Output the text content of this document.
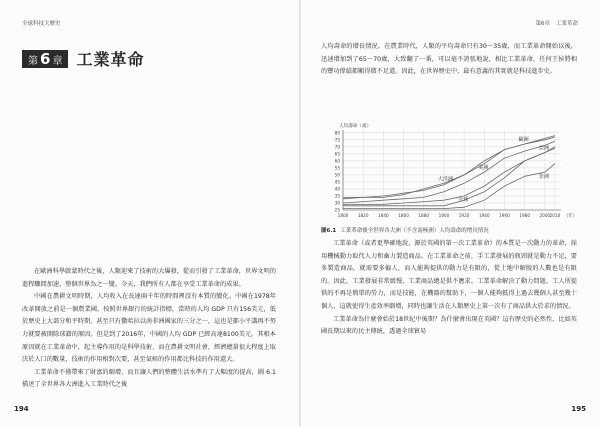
全球科技大歷史
第 6 章 工業革命

在歐洲科學啟蒙時代之後，人類迎來了技術的大爆發，從而引發了工業革命，世界文明的進程驟間加速，整個世界為之一變。今天，我們所有人都在享受工業革命的成果。

中國在農耕文明時期，人均收入在長達兩千年的時間裡沒有本質的變化。中國在1978年改革開放之前是一個農業國，按照世界銀行的統計指標，當時的人均 GDP 只有156美元，低於歷史上大部分和平時期，甚至只有撒哈拉以南非洲國家的三分之一，這也是鄧小平講再不努力就要被開除球籍的原因。但是到了2016年，中國的人均 GDP 已經高達8100美元。其根本原因就在工業革命中，起主導作用的是科學技術，而在農耕文明社會，經濟總量很大程度上取決於人口的數量，技術的作用相對次要，甚至氣候的作用都比科技的作用還大。

工業革命不僅帶來了財富的劇增，而且讓人們的整體生活水準有了大幅度的提高，圖 6.1 描述了全世界各大洲進入工業時代之後

194
第6章 工業革命

人均壽命的增長情況。在農業時代，人類的平均壽命只有30～35歲，而工業革命開始以後，迅速增加到了65～70歲，大致翻了一番，可以毫不誇張地說，相比工業革命，任何王侯將相的豐功偉績都顯得微不足道。因此，在世界歷史中，最有意義的其實就是科技進步史。

25
30
35
40
45
50
55
60
65
70
75
80
1800 1820 1840 1860 1880 1900 1920 1940 1960 1980 2000 2010
人均壽命（歲）
（年）
歐洲
大洋洲
美洲
亞洲
全球
非洲
圖6.1 工業革命後全世界各大洲（不含南極洲）人均壽命的增長情況

工業革命（或者更準確地說，源於英國的第一次工業革命）的本質是一次動力的革命，採用機械動力取代人力和畜力製造商品。在工業革命之前，手工業發展的瓶頸就是動力不足，要多製造商品，就需要多僱人，而人能夠提供的動力是有限的，從土地中解脫的人數也是有限的。因此，工業發展非常緩慢，工業商品總是供不應求。工業革命解決了動力問題，工人所提供的不再是簡單的勞力，而是技能，在機器的幫助下，一個人能夠抵得上過去幾個人甚至幾十個人，這就使得生產效率劇增，同時也讓生活在人類歷史上第一次有了商品供大於求的情況。

工業革命為什麼會始於18世紀中後期？為什麼會出現在英國？這有歷史的必然性，比如英國長期以來的民主傳統，透過全球貿易

195
